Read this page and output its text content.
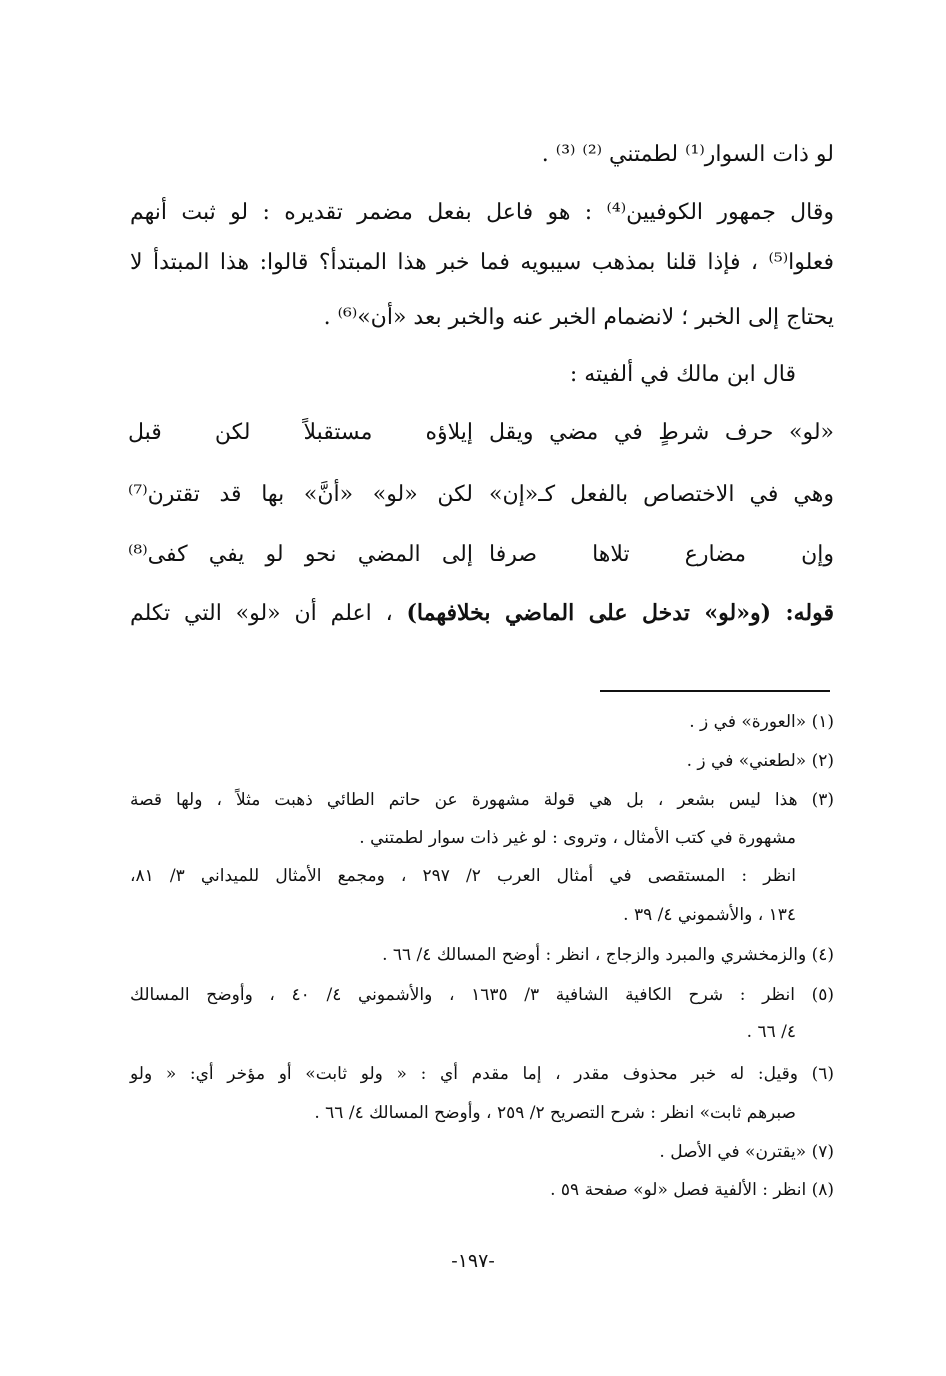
لو ذات السوار⁽¹⁾ لطمتني ⁽²⁾ ⁽³⁾ .
وقال جمهور الكوفيين⁽⁴⁾ : هو فاعل بفعل مضمر تقديره : لو ثبت أنهم
فعلوا⁽⁵⁾ ، فإذا قلنا بمذهب سيبويه فما خبر هذا المبتدأ؟ قالوا: هذا المبتدأ لا
يحتاج إلى الخبر ؛ لانضمام الخبر عنه والخبر بعد «أن»⁽⁶⁾ .
قال ابن مالك في ألفيته :
«لو» حرف شرطٍ في مضي ويقل
إيلاؤه مستقبلاً لكن قبل
وهي في الاختصاص بالفعل كـ«إن»
لكن «لو» «أنَّ» بها قد تقترن⁽⁷⁾
وإن مضارع تلاها صرفا
إلى المضي نحو لو يفي كفى⁽⁸⁾
قوله: (و«لو» تدخل على الماضي بخلافهما) ، اعلم أن «لو» التي تكلم
(١) «العورة» في ز .
(٢) «لطعني» في ز .
(٣) هذا ليس بشعر ، بل هي قولة مشهورة عن حاتم الطائي ذهبت مثلاً ، ولها قصة
مشهورة في كتب الأمثال ، وتروى : لو غير ذات سوار لطمتني .
انظر : المستقصى في أمثال العرب ٢/ ٢٩٧ ، ومجمع الأمثال للميداني ٣/ ٨١،
١٣٤ ، والأشموني ٤/ ٣٩ .
(٤) والزمخشري والمبرد والزجاج ، انظر : أوضح المسالك ٤/ ٦٦ .
(٥) انظر : شرح الكافية الشافية ٣/ ١٦٣٥ ، والأشموني ٤/ ٤٠ ، وأوضح المسالك
٤/ ٦٦ .
(٦) وقيل: له خبر محذوف مقدر ، إما مقدم أي : « ولو ثابت» أو مؤخر أي: « ولو
صبرهم ثابت» انظر : شرح التصريح ٢/ ٢٥٩ ، وأوضح المسالك ٤/ ٦٦ .
(٧) «يقترن» في الأصل .
(٨) انظر : الألفية فصل «لو» صفحة ٥٩ .
-١٩٧-
